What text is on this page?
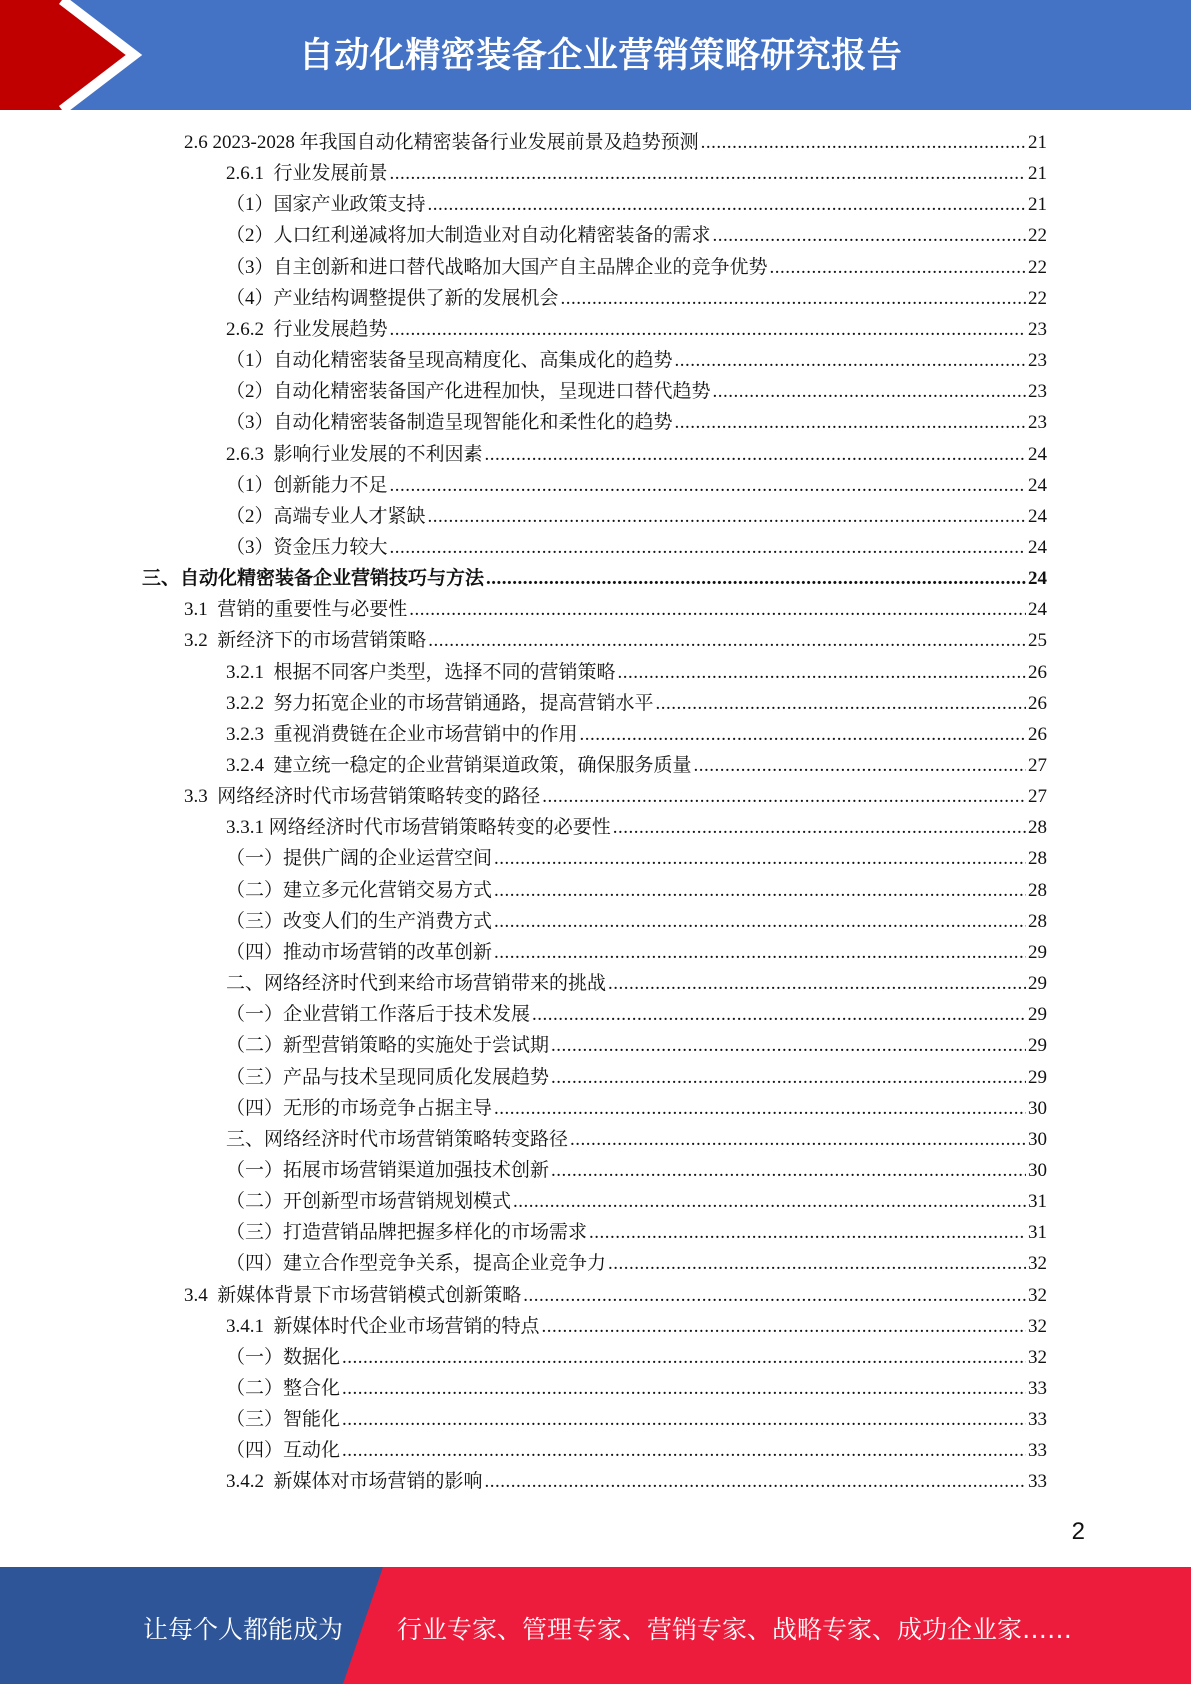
自动化精密装备企业营销策略研究报告
2.6 2023-2028 年我国自动化精密装备行业发展前景及趋势预测 .....	21
2.6.1  行业发展前景 .....	21
（1）国家产业政策支持 .....	21
（2）人口红利递减将加大制造业对自动化精密装备的需求 .....	22
（3）自主创新和进口替代战略加大国产自主品牌企业的竞争优势 .....	22
（4）产业结构调整提供了新的发展机会 .....	22
2.6.2  行业发展趋势 .....	23
（1）自动化精密装备呈现高精度化、高集成化的趋势 .....	23
（2）自动化精密装备国产化进程加快，呈现进口替代趋势 .....	23
（3）自动化精密装备制造呈现智能化和柔性化的趋势 .....	23
2.6.3  影响行业发展的不利因素 .....	24
（1）创新能力不足 .....	24
（2）高端专业人才紧缺 .....	24
（3）资金压力较大 .....	24
三、自动化精密装备企业营销技巧与方法 .....	24
3.1  营销的重要性与必要性 .....	24
3.2  新经济下的市场营销策略 .....	25
3.2.1  根据不同客户类型，选择不同的营销策略 .....	26
3.2.2  努力拓宽企业的市场营销通路，提高营销水平 .....	26
3.2.3  重视消费链在企业市场营销中的作用 .....	26
3.2.4  建立统一稳定的企业营销渠道政策，确保服务质量 .....	27
3.3  网络经济时代市场营销策略转变的路径 .....	27
3.3.1 网络经济时代市场营销策略转变的必要性 .....	28
（一）提供广阔的企业运营空间 .....	28
（二）建立多元化营销交易方式 .....	28
（三）改变人们的生产消费方式 .....	28
（四）推动市场营销的改革创新 .....	29
二、网络经济时代到来给市场营销带来的挑战 .....	29
（一）企业营销工作落后于技术发展 .....	29
（二）新型营销策略的实施处于尝试期 .....	29
（三）产品与技术呈现同质化发展趋势 .....	29
（四）无形的市场竞争占据主导 .....	30
三、网络经济时代市场营销策略转变路径 .....	30
（一）拓展市场营销渠道加强技术创新 .....	30
（二）开创新型市场营销规划模式 .....	31
（三）打造营销品牌把握多样化的市场需求 .....	31
（四）建立合作型竞争关系，提高企业竞争力 .....	32
3.4  新媒体背景下市场营销模式创新策略 .....	32
3.4.1  新媒体时代企业市场营销的特点 .....	32
（一）数据化 .....	32
（二）整合化 .....	33
（三）智能化 .....	33
（四）互动化 .....	33
3.4.2  新媒体对市场营销的影响 .....	33
2
让每个人都能成为 行业专家、管理专家、营销专家、战略专家、成功企业家……
